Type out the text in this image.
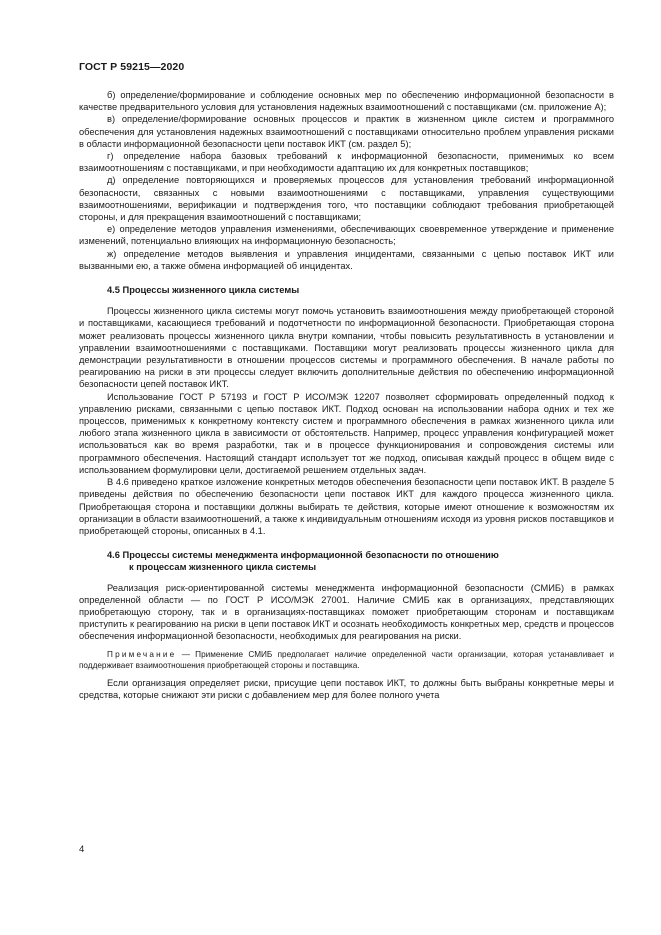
ГОСТ Р 59215—2020

б) определение/формирование и соблюдение основных мер по обеспечению информационной безопасности в качестве предварительного условия для установления надежных взаимоотношений с поставщиками (см. приложение А);

в) определение/формирование основных процессов и практик в жизненном цикле систем и программного обеспечения для установления надежных взаимоотношений с поставщиками относительно проблем управления рисками в области информационной безопасности цепи поставок ИКТ (см. раздел 5);

г) определение набора базовых требований к информационной безопасности, применимых ко всем взаимоотношениям с поставщиками, и при необходимости адаптацию их для конкретных поставщиков;

д) определение повторяющихся и проверяемых процессов для установления требований информационной безопасности, связанных с новыми взаимоотношениями с поставщиками, управления существующими взаимоотношениями, верификации и подтверждения того, что поставщики соблюдают требования приобретающей стороны, и для прекращения взаимоотношений с поставщиками;

е) определение методов управления изменениями, обеспечивающих своевременное утверждение и применение изменений, потенциально влияющих на информационную безопасность;

ж) определение методов выявления и управления инцидентами, связанными с цепью поставок ИКТ или вызванными ею, а также обмена информацией об инцидентах.

4.5 Процессы жизненного цикла системы

Процессы жизненного цикла системы могут помочь установить взаимоотношения между приобретающей стороной и поставщиками, касающиеся требований и подотчетности по информационной безопасности. Приобретающая сторона может реализовать процессы жизненного цикла внутри компании, чтобы повысить результативность в установлении и управлении взаимоотношениями с поставщиками. Поставщики могут реализовать процессы жизненного цикла для демонстрации результативности в отношении процессов системы и программного обеспечения. В начале работы по реагированию на риски в эти процессы следует включить дополнительные действия по обеспечению информационной безопасности цепей поставок ИКТ.

Использование ГОСТ Р 57193 и ГОСТ Р ИСО/МЭК 12207 позволяет сформировать определенный подход к управлению рисками, связанными с цепью поставок ИКТ. Подход основан на использовании набора одних и тех же процессов, применимых к конкретному контексту систем и программного обеспечения в рамках жизненного цикла или любого этапа жизненного цикла в зависимости от обстоятельств. Например, процесс управления конфигурацией может использоваться как во время разработки, так и в процессе функционирования и сопровождения системы или программного обеспечения. Настоящий стандарт использует тот же подход, описывая каждый процесс в общем виде с использованием формулировки цели, достигаемой решением отдельных задач.

В 4.6 приведено краткое изложение конкретных методов обеспечения безопасности цепи поставок ИКТ. В разделе 5 приведены действия по обеспечению безопасности цепи поставок ИКТ для каждого процесса жизненного цикла. Приобретающая сторона и поставщики должны выбирать те действия, которые имеют отношение к возможностям их организации в области взаимоотношений, а также к индивидуальным отношениям исходя из уровня рисков поставщиков и приобретающей стороны, описанных в 4.1.

4.6 Процессы системы менеджмента информационной безопасности по отношению
к процессам жизненного цикла системы

Реализация риск-ориентированной системы менеджмента информационной безопасности (СМИБ) в рамках определенной области — по ГОСТ Р ИСО/МЭК 27001. Наличие СМИБ как в организациях, представляющих приобретающую сторону, так и в организациях-поставщиках поможет приобретающим сторонам и поставщикам приступить к реагированию на риски в цепи поставок ИКТ и осознать необходимость конкретных мер, средств и процессов обеспечения информационной безопасности, необходимых для реагирования на риски.

Примечание — Применение СМИБ предполагает наличие определенной части организации, которая устанавливает и поддерживает взаимоотношения приобретающей стороны и поставщика.

Если организация определяет риски, присущие цепи поставок ИКТ, то должны быть выбраны конкретные меры и средства, которые снижают эти риски с добавлением мер для более полного учета

4
